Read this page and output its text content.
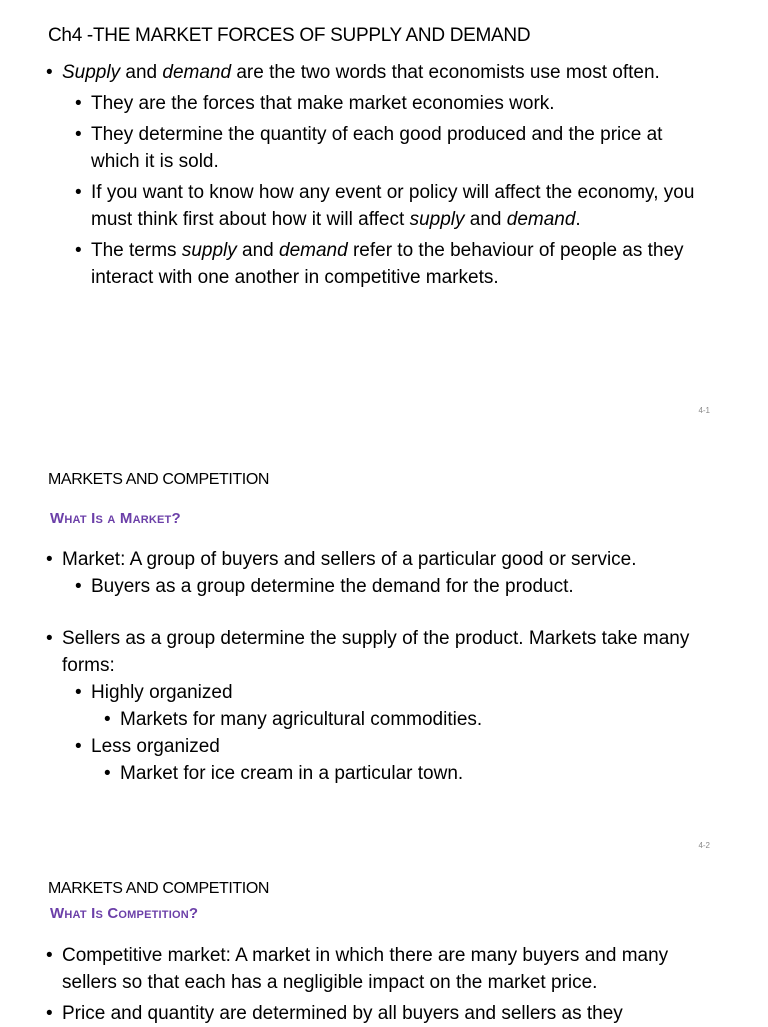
Ch4 -THE MARKET FORCES OF SUPPLY AND DEMAND
• Supply and demand are the two words that economists use most often.
• They are the forces that make market economies work.
• They determine the quantity of each good produced and the price at which it is sold.
• If you want to know how any event or policy will affect the economy, you must think first about how it will affect supply and demand.
• The terms supply and demand refer to the behaviour of people as they interact with one another in competitive markets.
4-1
MARKETS AND COMPETITION
What Is a Market?
• Market: A group of buyers and sellers of a particular good or service.
• Buyers as a group determine the demand for the product.
• Sellers as a group determine the supply of the product. Markets take many forms:
• Highly organized
• Markets for many agricultural commodities.
• Less organized
• Market for ice cream in a particular town.
4-2
MARKETS AND COMPETITION
What Is Competition?
• Competitive market: A market in which there are many buyers and many sellers so that each has a negligible impact on the market price.
• Price and quantity are determined by all buyers and sellers as they
